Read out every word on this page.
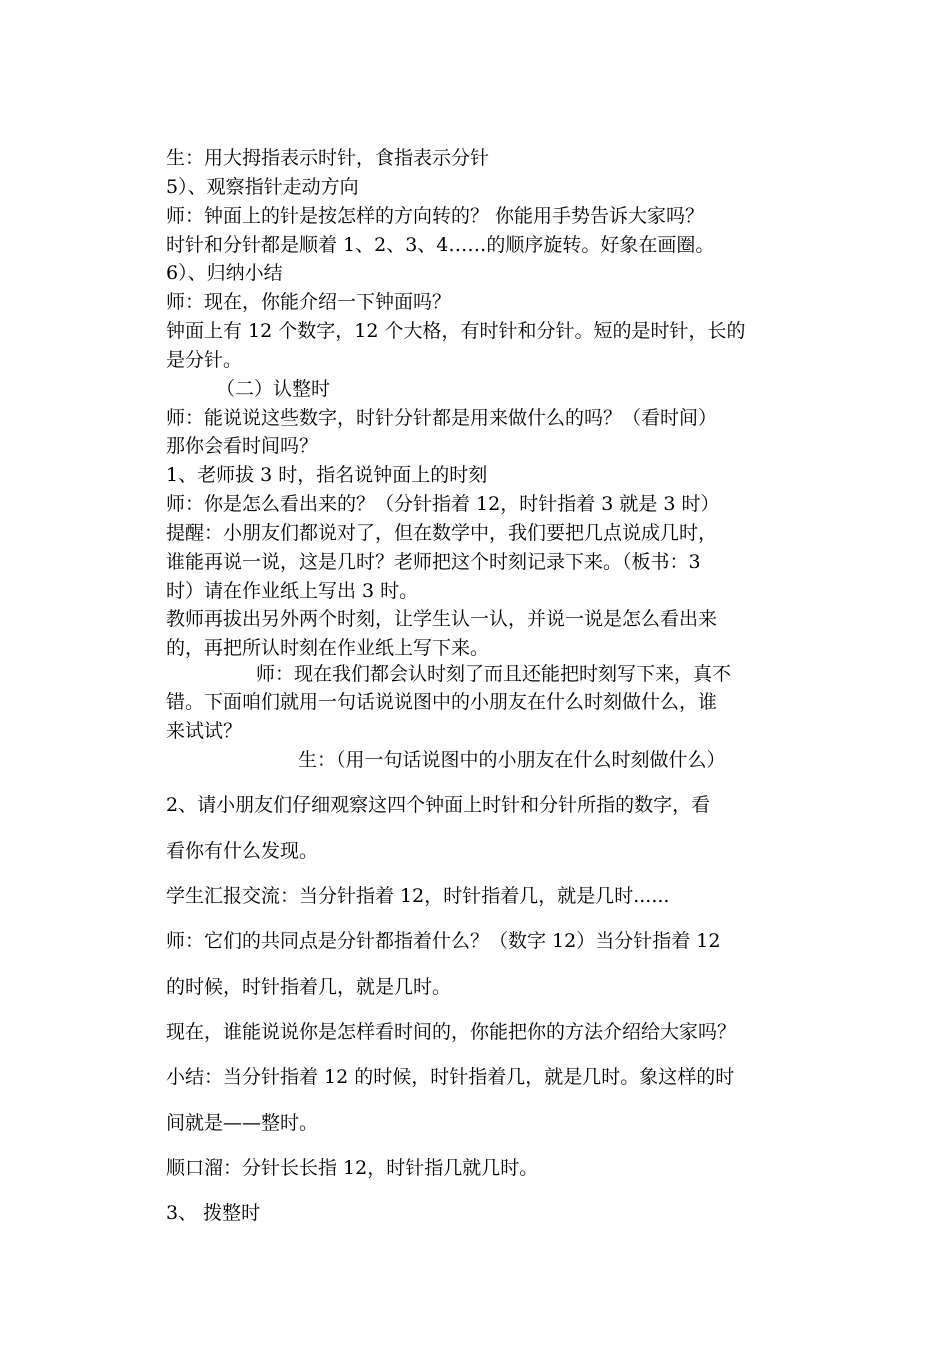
生：用大拇指表示时针，食指表示分针

5）、观察指针走动方向

师：钟面上的针是按怎样的方向转的？ 你能用手势告诉大家吗？

时针和分针都是顺着 1、2、3、4……的顺序旋转。好象在画圈。

6）、归纳小结

师：现在，你能介绍一下钟面吗？

钟面上有 12 个数字，12 个大格，有时针和分针。短的是时针，长的

是分针。

（二）认整时

师：能说说这些数字，时针分针都是用来做什么的吗？（看时间）

那你会看时间吗？

1、老师拔 3 时，指名说钟面上的时刻

师：你是怎么看出来的？（分针指着 12，时针指着 3 就是 3 时）

提醒：小朋友们都说对了，但在数学中，我们要把几点说成几时，

谁能再说一说，这是几时？老师把这个时刻记录下来。（板书：3

时）请在作业纸上写出 3 时。

教师再拔出另外两个时刻，让学生认一认，并说一说是怎么看出来

的，再把所认时刻在作业纸上写下来。

师：现在我们都会认时刻了而且还能把时刻写下来，真不

错。下面咱们就用一句话说说图中的小朋友在什么时刻做什么，谁

来试试？

生：（用一句话说图中的小朋友在什么时刻做什么）

2、请小朋友们仔细观察这四个钟面上时针和分针所指的数字，看

看你有什么发现。

学生汇报交流：当分针指着 12，时针指着几，就是几时......

师：它们的共同点是分针都指着什么？（数字 12）当分针指着 12

的时候，时针指着几，就是几时。

现在，谁能说说你是怎样看时间的，你能把你的方法介绍给大家吗？

小结：当分针指着 12 的时候，时针指着几，就是几时。象这样的时

间就是——整时。

顺口溜：分针长长指 12，时针指几就几时。

3、 拨整时
